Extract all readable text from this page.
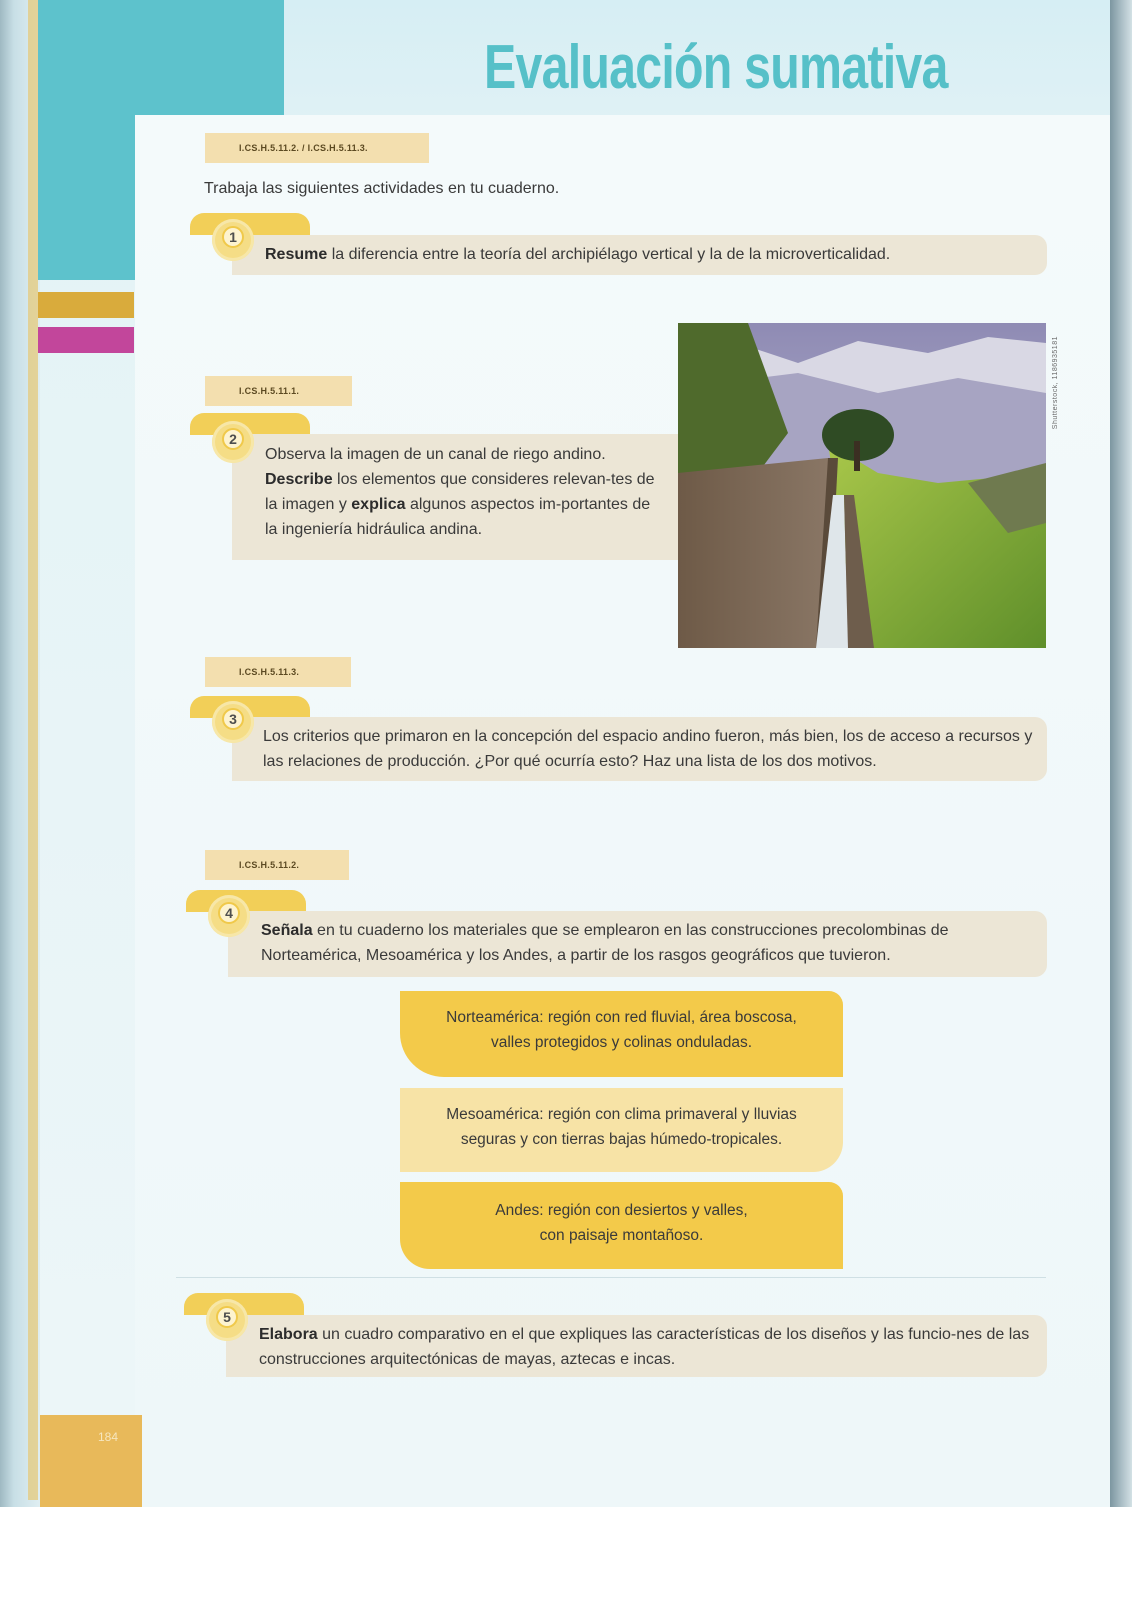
Evaluación sumativa
I.CS.H.5.11.2. / I.CS.H.5.11.3.
Trabaja las siguientes actividades en tu cuaderno.
Resume la diferencia entre la teoría del archipiélago vertical y la de la microverticalidad.
1
I.CS.H.5.11.1.
Observa la imagen de un canal de riego andino. Describe los elementos que consideres relevan-tes de la imagen y explica algunos aspectos im-portantes de la ingeniería hidráulica andina.
2
Shutterstock, 1186935181
I.CS.H.5.11.3.
Los criterios que primaron en la concepción del espacio andino fueron, más bien, los de acceso a recursos y las relaciones de producción. ¿Por qué ocurría esto? Haz una lista de los dos motivos.
3
I.CS.H.5.11.2.
Señala en tu cuaderno los materiales que se emplearon en las construcciones precolombinas de Norteamérica, Mesoamérica y los Andes, a partir de los rasgos geográficos que tuvieron.
4
Norteamérica: región con red fluvial, área boscosa,
valles protegidos y colinas onduladas.
Mesoamérica: región con clima primaveral y lluvias
seguras y con tierras bajas húmedo-tropicales.
Andes: región con desiertos y valles,
con paisaje montañoso.
Elabora un cuadro comparativo en el que expliques las características de los diseños y las funcio-nes de las construcciones arquitectónicas de mayas, aztecas e incas.
5
184
